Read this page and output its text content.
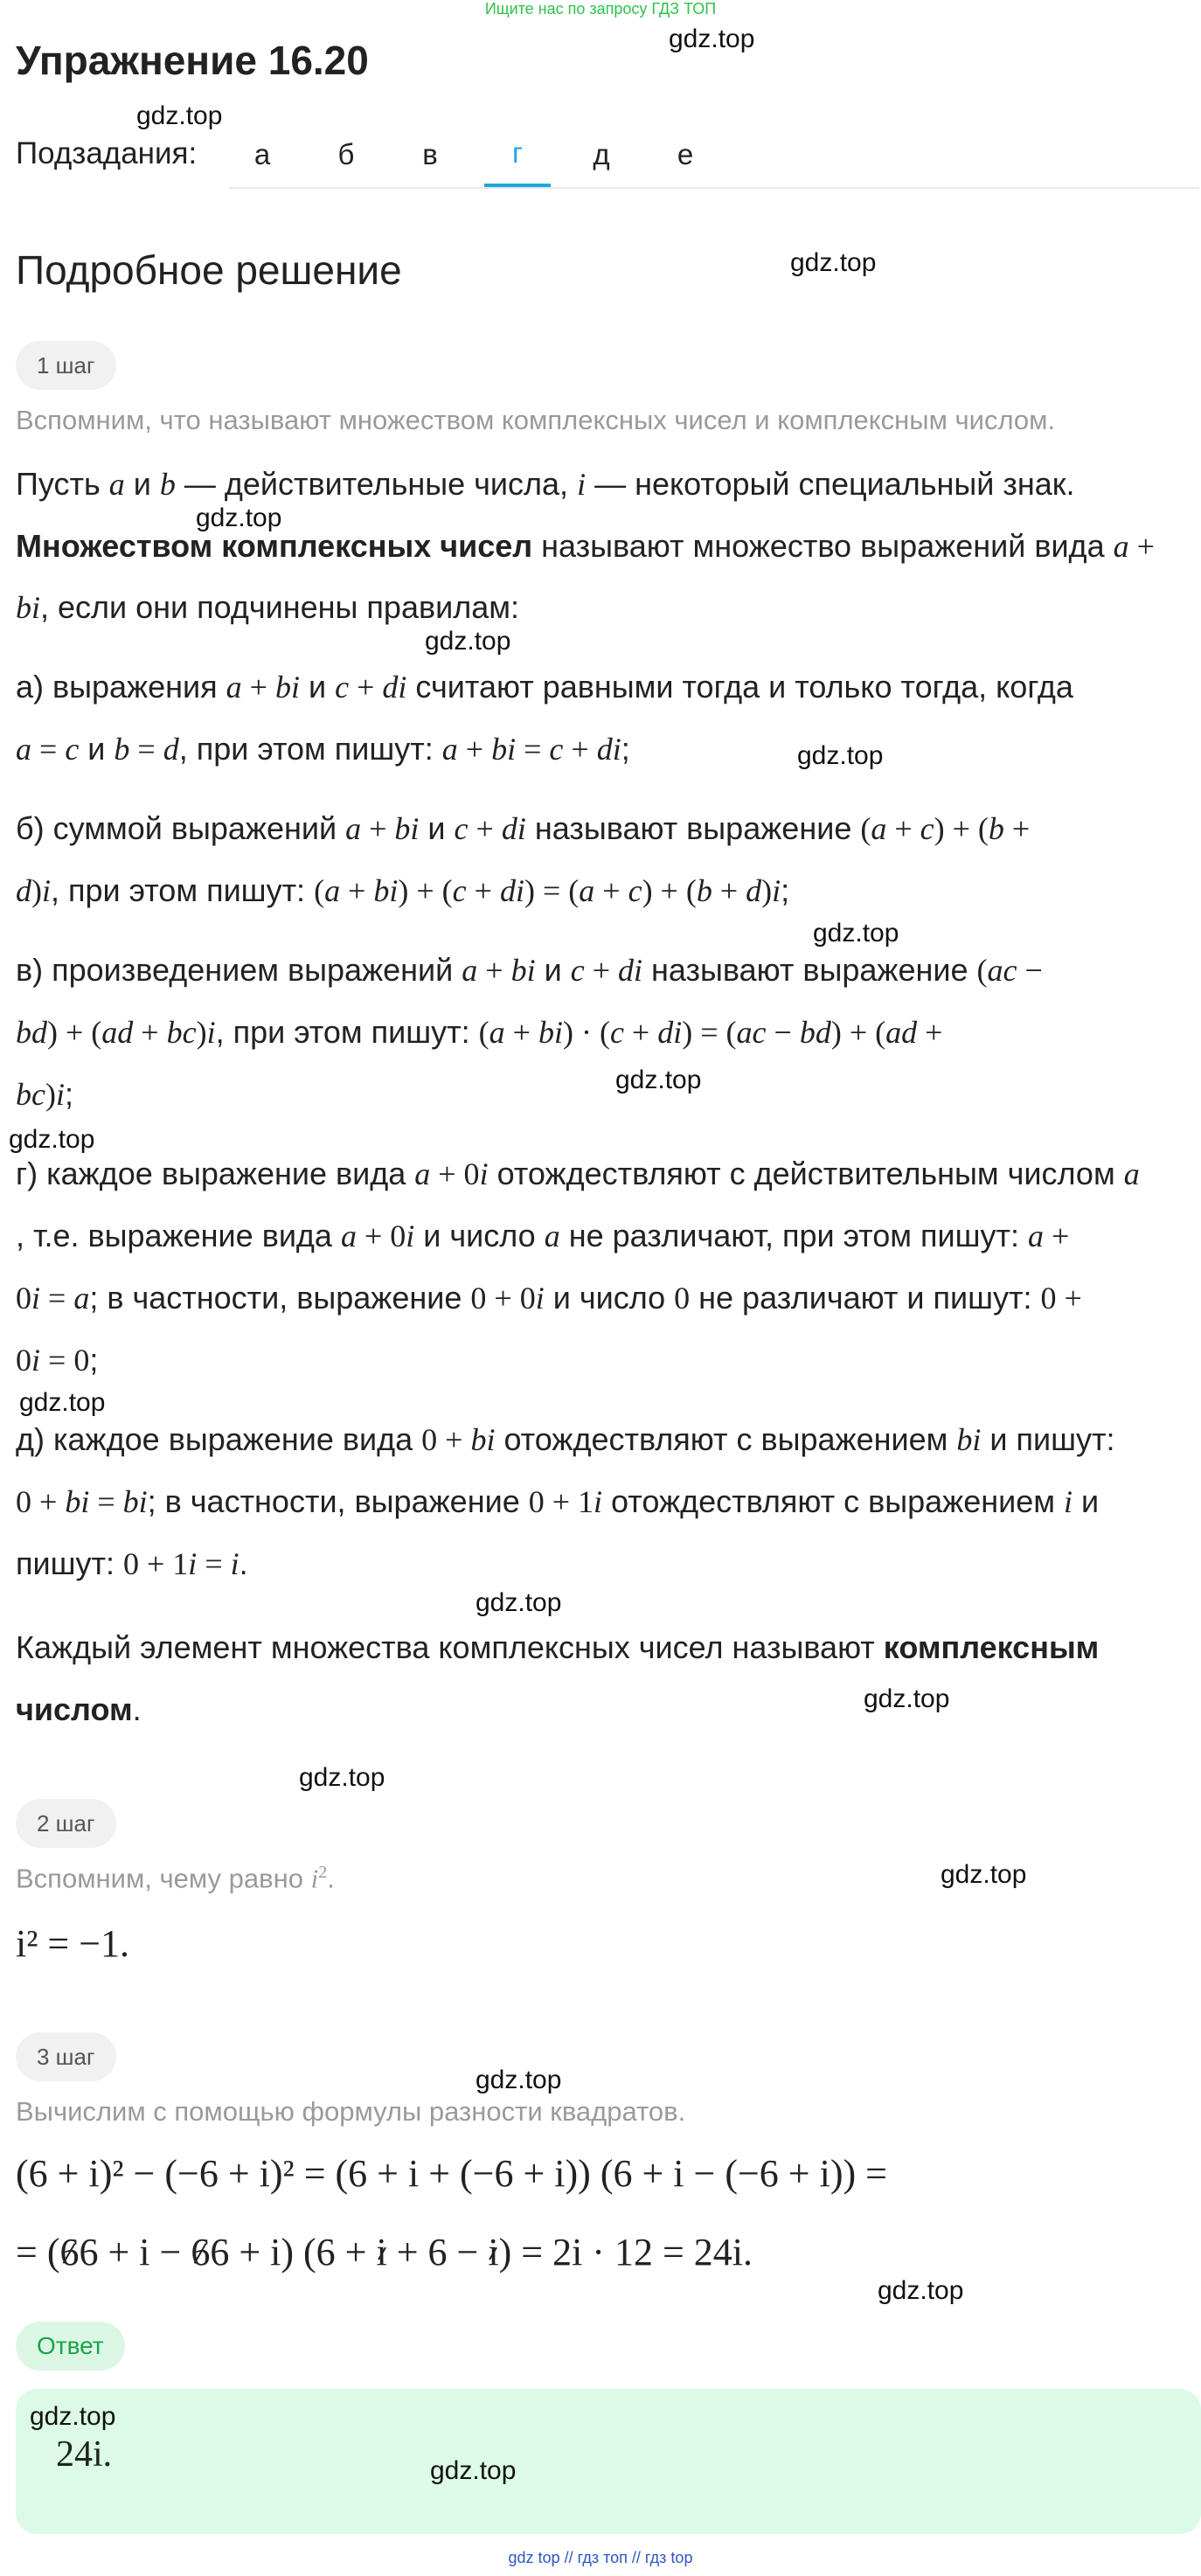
Ищите нас по запросу ГДЗ ТОП
Упражнение 16.20
Подзадания:	а	б	в	г	д	е
Подробное решение
1 шаг
Вспомним, что называют множеством комплексных чисел и комплексным числом.
Пусть a и b — действительные числа, i — некоторый специальный знак.
Множеством комплексных чисел называют множество выражений вида a +
bi, если они подчинены правилам:
а) выражения a + bi и c + di считают равными тогда и только тогда, когда
a = c и b = d, при этом пишут: a + bi = c + di;
б) суммой выражений a + bi и c + di называют выражение (a + c) + (b +
d)i, при этом пишут: (a + bi) + (c + di) = (a + c) + (b + d)i;
в) произведением выражений a + bi и c + di называют выражение (ac −
bd) + (ad + bc)i, при этом пишут: (a + bi) · (c + di) = (ac − bd) + (ad +
bc)i;
г) каждое выражение вида a + 0i отождествляют с действительным числом a
, т.е. выражение вида a + 0i и число a не различают, при этом пишут: a +
0i = a; в частности, выражение 0 + 0i и число 0 не различают и пишут: 0 +
0i = 0;
д) каждое выражение вида 0 + bi отождествляют с выражением bi и пишут:
0 + bi = bi; в частности, выражение 0 + 1i отождествляют с выражением i и
пишут: 0 + 1i = i.
Каждый элемент множества комплексных чисел называют комплексным
числом.
2 шаг
Вспомним, чему равно $i^2$.
i² = −1.
3 шаг
Вычислим с помощью формулы разности квадратов.
(6 + i)² − (−6 + i)² = (6 + i + (−6 + i)) (6 + i − (−6 + i)) =
= (66 + i − 66 + i) (6 + i + 6 − i) = 2i · 12 = 24i.
Ответ
24i.
gdz.top
gdz.top
gdz.top
gdz.top
gdz.top
gdz.top
gdz.top
gdz.top
gdz.top
gdz.top
gdz.top
gdz.top
gdz.top
gdz.top
gdz.top
gdz.top
gdz.top
gdz.top
gdz top // гдз топ // гдз top
